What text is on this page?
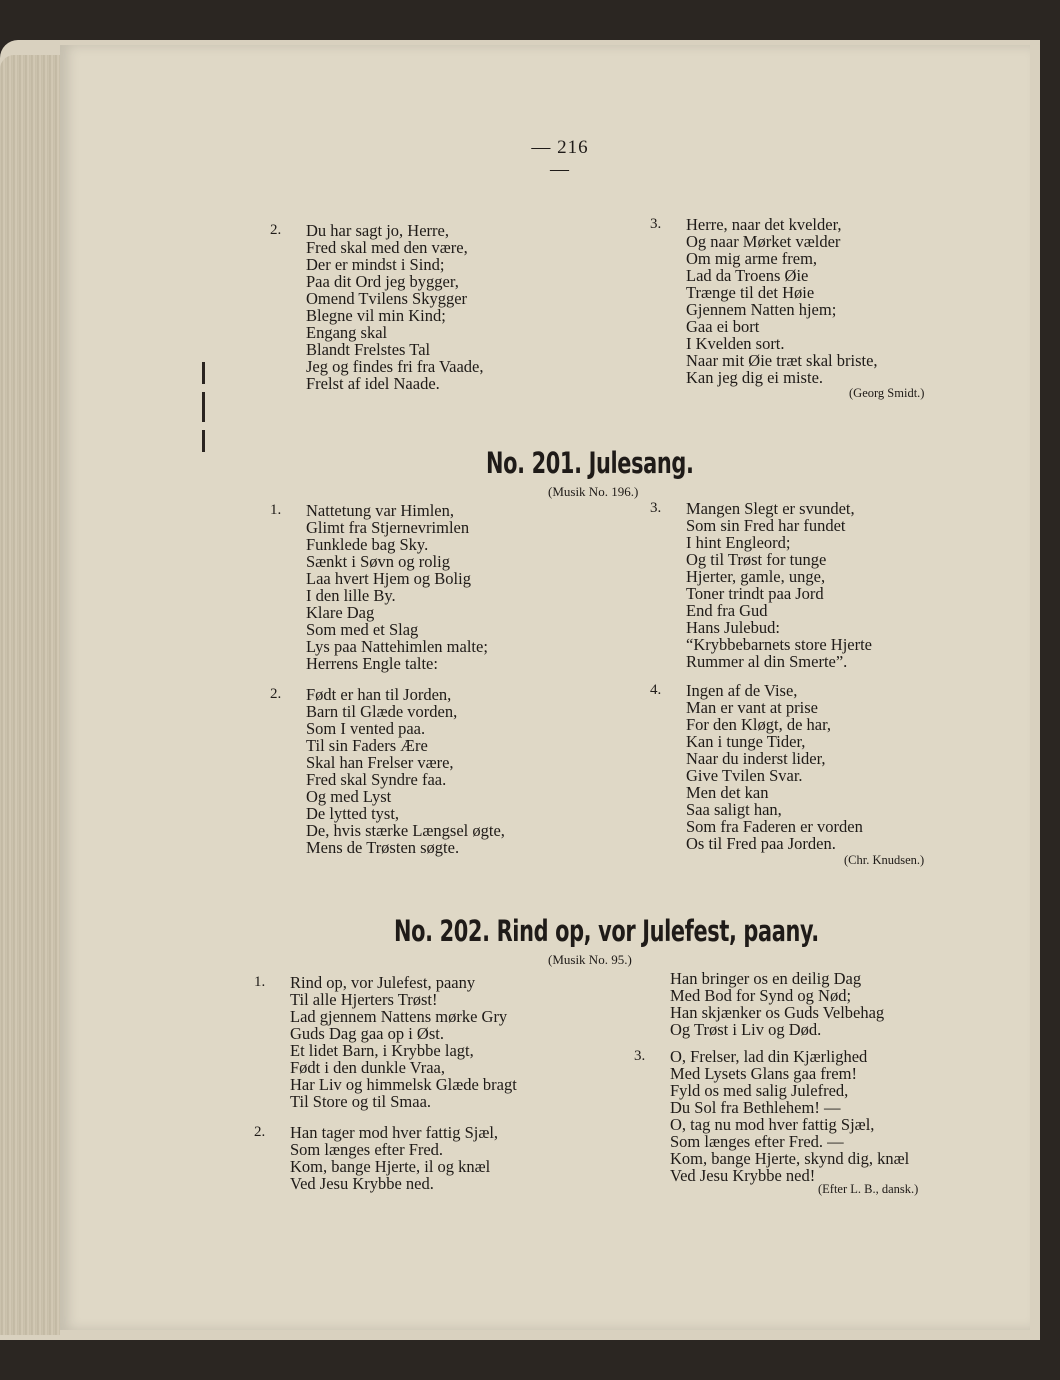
— 216 —
2. Du har sagt jo, Herre,
Fred skal med den være,
Der er mindst i Sind;
Paa dit Ord jeg bygger,
Omend Tvilens Skygger
Blegne vil min Kind;
Engang skal
Blandt Frelstes Tal
Jeg og findes fri fra Vaade,
Frelst af idel Naade.
3. Herre, naar det kvelder,
Og naar Mørket vælder
Om mig arme frem,
Lad da Troens Øie
Trænge til det Høie
Gjennem Natten hjem;
Gaa ei bort
I Kvelden sort.
Naar mit Øie træt skal briste,
Kan jeg dig ei miste.
(Georg Smidt.)
No. 201. Julesang.
(Musik No. 196.)
1. Nattetung var Himlen,
Glimt fra Stjernevrimlen
Funklede bag Sky.
Sænkt i Søvn og rolig
Laa hvert Hjem og Bolig
I den lille By.
Klare Dag
Som med et Slag
Lys paa Nattehimlen malte;
Herrens Engle talte:
2. Født er han til Jorden,
Barn til Glæde vorden,
Som I vented paa.
Til sin Faders Ære
Skal han Frelser være,
Fred skal Syndre faa.
Og med Lyst
De lytted tyst,
De, hvis stærke Længsel øgte,
Mens de Trøsten søgte.
3. Mangen Slegt er svundet,
Som sin Fred har fundet
I hint Engleord;
Og til Trøst for tunge
Hjerter, gamle, unge,
Toner trindt paa Jord
End fra Gud
Hans Julebud:
“Krybbebarnets store Hjerte
Rummer al din Smerte”.
4. Ingen af de Vise,
Man er vant at prise
For den Kløgt, de har,
Kan i tunge Tider,
Naar du inderst lider,
Give Tvilen Svar.
Men det kan
Saa saligt han,
Som fra Faderen er vorden
Os til Fred paa Jorden.
(Chr. Knudsen.)
No. 202. Rind op, vor Julefest, paany.
(Musik No. 95.)
1. Rind op, vor Julefest, paany
Til alle Hjerters Trøst!
Lad gjennem Nattens mørke Gry
Guds Dag gaa op i Øst.
Et lidet Barn, i Krybbe lagt,
Født i den dunkle Vraa,
Har Liv og himmelsk Glæde bragt
Til Store og til Smaa.
2. Han tager mod hver fattig Sjæl,
Som længes efter Fred.
Kom, bange Hjerte, il og knæl
Ved Jesu Krybbe ned.
Han bringer os en deilig Dag
Med Bod for Synd og Nød;
Han skjænker os Guds Velbehag
Og Trøst i Liv og Død.
3. O, Frelser, lad din Kjærlighed
Med Lysets Glans gaa frem!
Fyld os med salig Julefred,
Du Sol fra Bethlehem! —
O, tag nu mod hver fattig Sjæl,
Som længes efter Fred. —
Kom, bange Hjerte, skynd dig, knæl
Ved Jesu Krybbe ned!
(Efter L. B., dansk.)
